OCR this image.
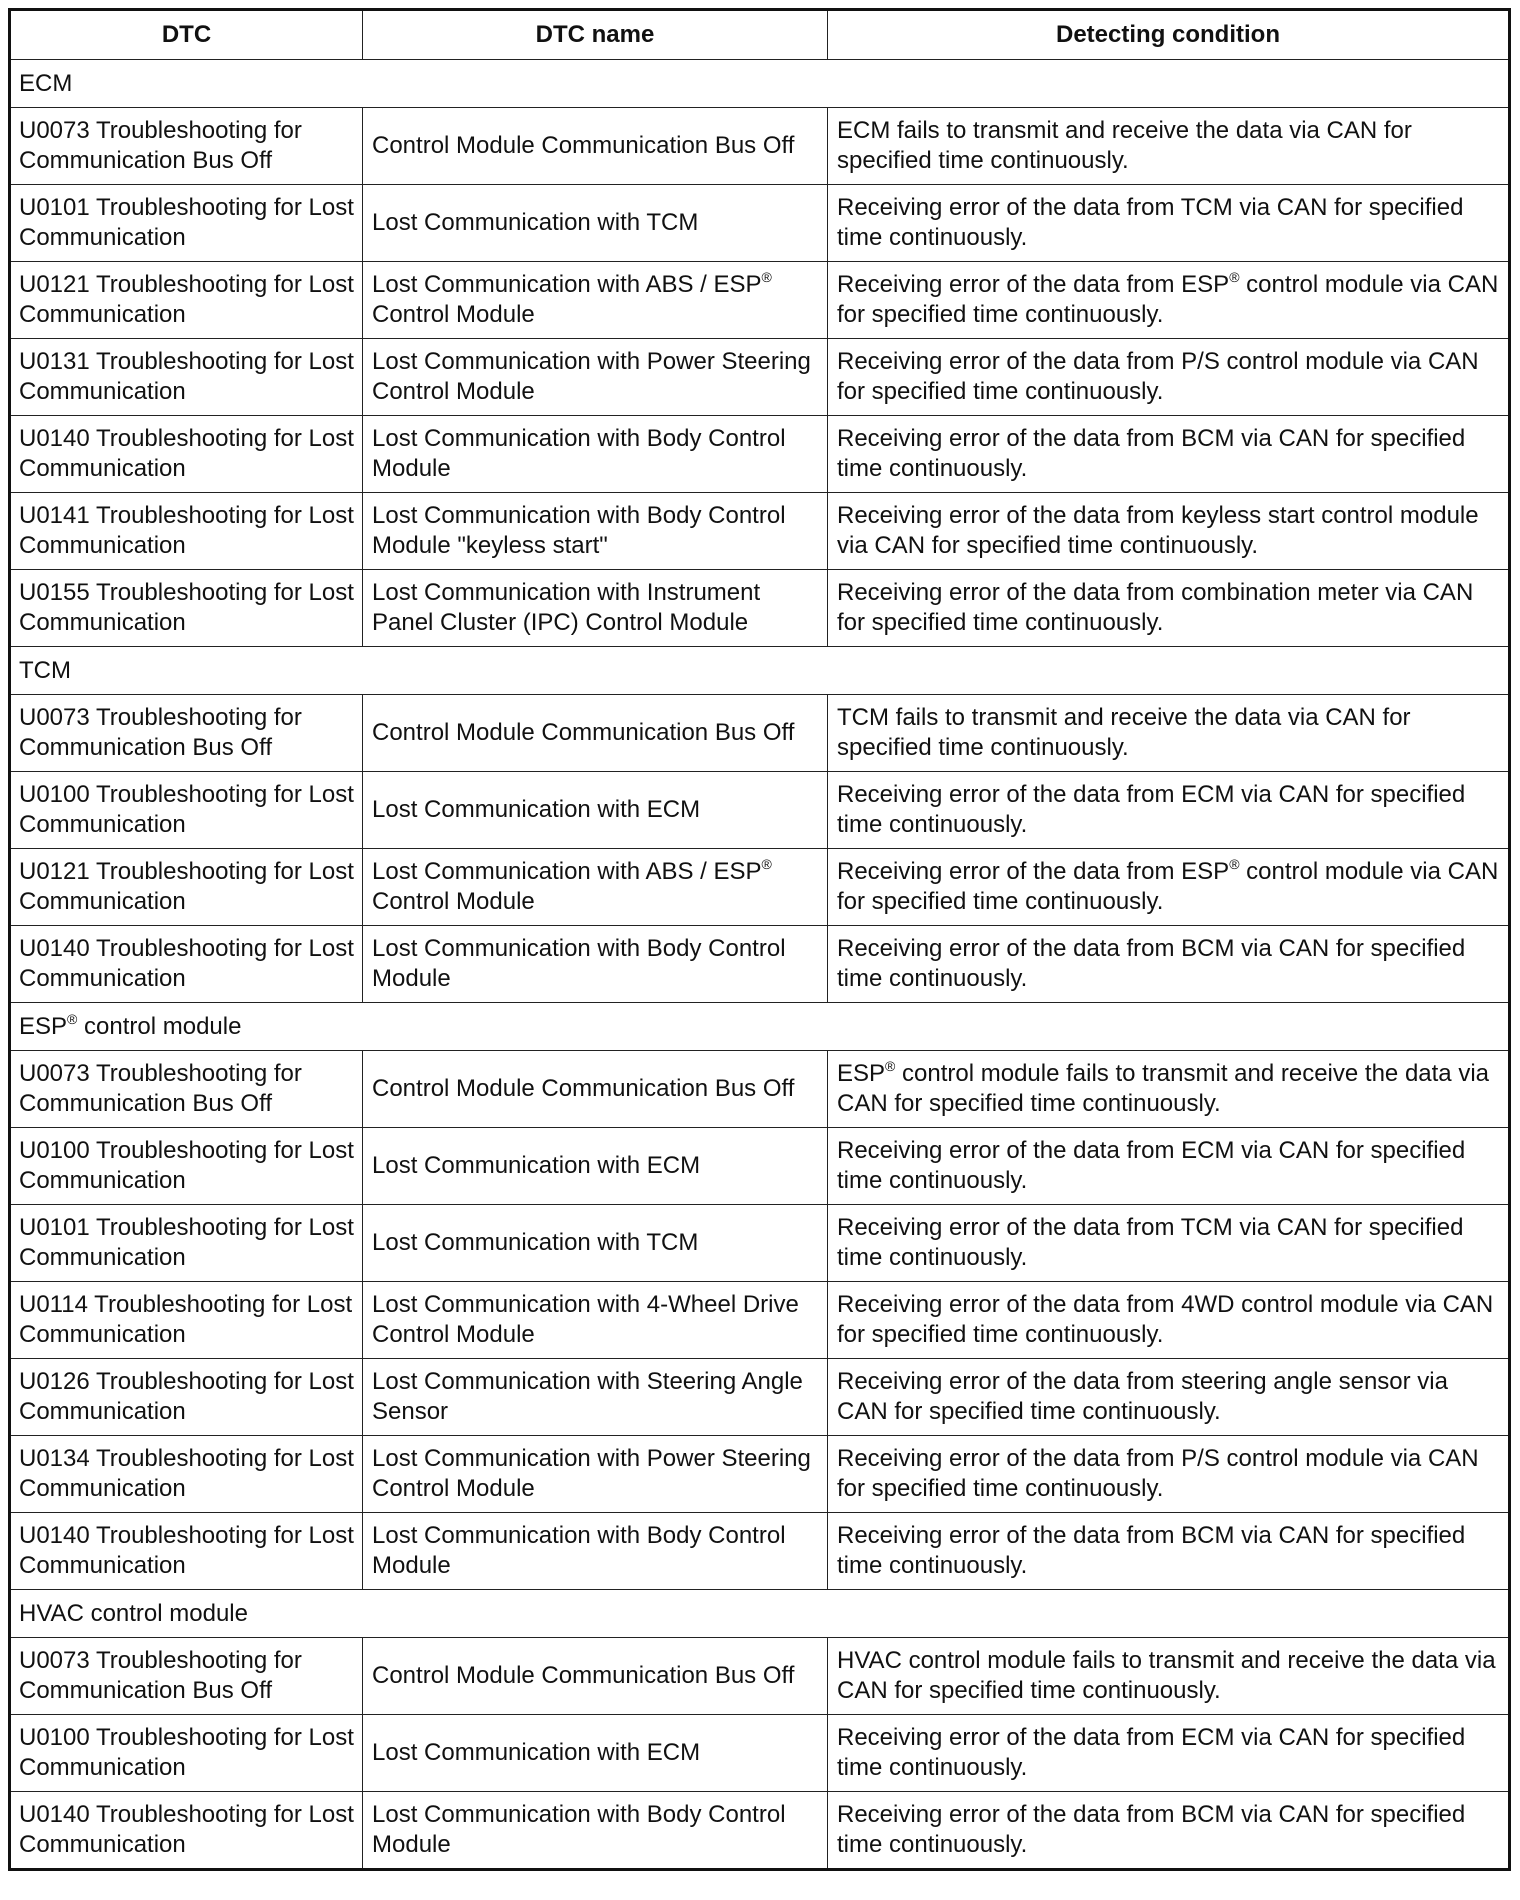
DTC	DTC name	Detecting condition
ECM		
U0073 Troubleshooting for Communication Bus Off	Control Module Communication Bus Off	ECM fails to transmit and receive the data via CAN for specified time continuously.
U0101 Troubleshooting for Lost Communication	Lost Communication with TCM	Receiving error of the data from TCM via CAN for specified time continuously.
U0121 Troubleshooting for Lost Communication	Lost Communication with ABS / ESP® Control Module	Receiving error of the data from ESP® control module via CAN for specified time continuously.
U0131 Troubleshooting for Lost Communication	Lost Communication with Power Steering Control Module	Receiving error of the data from P/S control module via CAN for specified time continuously.
U0140 Troubleshooting for Lost Communication	Lost Communication with Body Control Module	Receiving error of the data from BCM via CAN for specified time continuously.
U0141 Troubleshooting for Lost Communication	Lost Communication with Body Control Module "keyless start"	Receiving error of the data from keyless start control module via CAN for specified time continuously.
U0155 Troubleshooting for Lost Communication	Lost Communication with Instrument Panel Cluster (IPC) Control Module	Receiving error of the data from combination meter via CAN for specified time continuously.
TCM		
U0073 Troubleshooting for Communication Bus Off	Control Module Communication Bus Off	TCM fails to transmit and receive the data via CAN for specified time continuously.
U0100 Troubleshooting for Lost Communication	Lost Communication with ECM	Receiving error of the data from ECM via CAN for specified time continuously.
U0121 Troubleshooting for Lost Communication	Lost Communication with ABS / ESP® Control Module	Receiving error of the data from ESP® control module via CAN for specified time continuously.
U0140 Troubleshooting for Lost Communication	Lost Communication with Body Control Module	Receiving error of the data from BCM via CAN for specified time continuously.
ESP® control module		
U0073 Troubleshooting for Communication Bus Off	Control Module Communication Bus Off	ESP® control module fails to transmit and receive the data via CAN for specified time continuously.
U0100 Troubleshooting for Lost Communication	Lost Communication with ECM	Receiving error of the data from ECM via CAN for specified time continuously.
U0101 Troubleshooting for Lost Communication	Lost Communication with TCM	Receiving error of the data from TCM via CAN for specified time continuously.
U0114 Troubleshooting for Lost Communication	Lost Communication with 4-Wheel Drive Control Module	Receiving error of the data from 4WD control module via CAN for specified time continuously.
U0126 Troubleshooting for Lost Communication	Lost Communication with Steering Angle Sensor	Receiving error of the data from steering angle sensor via CAN for specified time continuously.
U0134 Troubleshooting for Lost Communication	Lost Communication with Power Steering Control Module	Receiving error of the data from P/S control module via CAN for specified time continuously.
U0140 Troubleshooting for Lost Communication	Lost Communication with Body Control Module	Receiving error of the data from BCM via CAN for specified time continuously.
HVAC control module		
U0073 Troubleshooting for Communication Bus Off	Control Module Communication Bus Off	HVAC control module fails to transmit and receive the data via CAN for specified time continuously.
U0100 Troubleshooting for Lost Communication	Lost Communication with ECM	Receiving error of the data from ECM via CAN for specified time continuously.
U0140 Troubleshooting for Lost Communication	Lost Communication with Body Control Module	Receiving error of the data from BCM via CAN for specified time continuously.
